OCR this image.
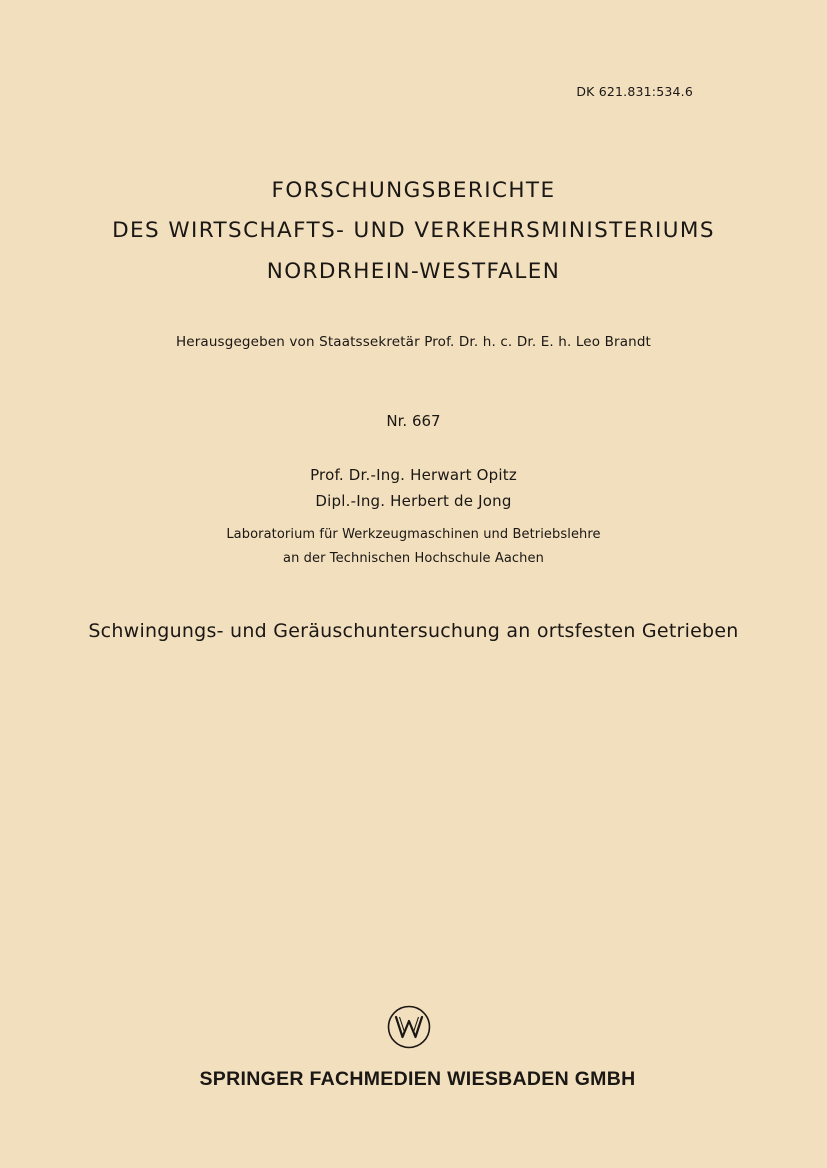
DK 621.831:534.6
FORSCHUNGSBERICHTE
DES WIRTSCHAFTS- UND VERKEHRSMINISTERIUMS
NORDRHEIN-WESTFALEN
Herausgegeben von Staatssekretär Prof. Dr. h. c. Dr. E. h. Leo Brandt
Nr. 667
Prof. Dr.-Ing. Herwart Opitz
Dipl.-Ing. Herbert de Jong
Laboratorium für Werkzeugmaschinen und Betriebslehre
an der Technischen Hochschule Aachen
Schwingungs- und Geräuschuntersuchung an ortsfesten Getrieben
SPRINGER FACHMEDIEN WIESBADEN GMBH
